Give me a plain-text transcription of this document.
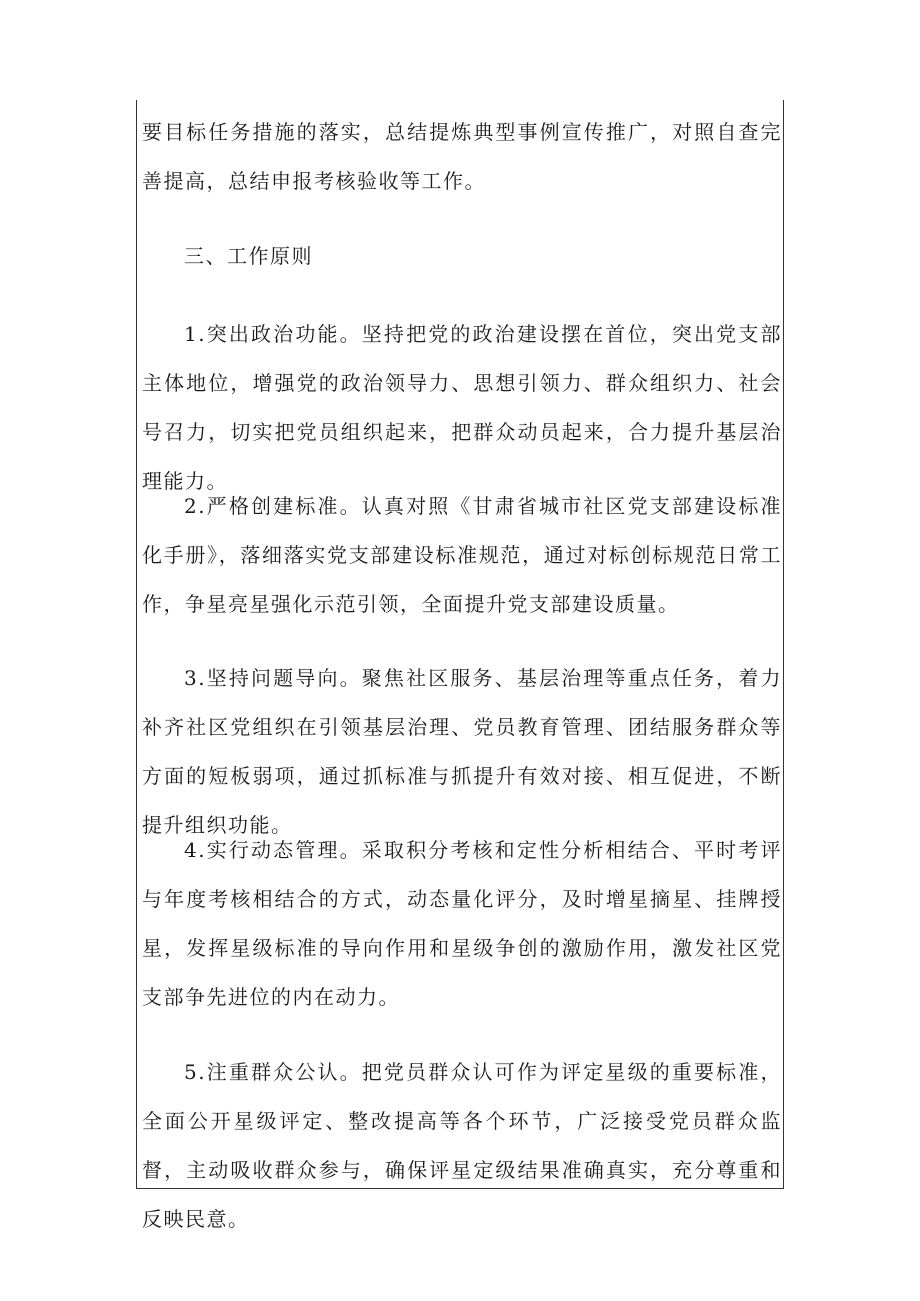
要目标任务措施的落实，总结提炼典型事例宣传推广，对照自查完善提高，总结申报考核验收等工作。

三、工作原则

1.突出政治功能。坚持把党的政治建设摆在首位，突出党支部主体地位，增强党的政治领导力、思想引领力、群众组织力、社会号召力，切实把党员组织起来，把群众动员起来，合力提升基层治理能力。

2.严格创建标准。认真对照《甘肃省城市社区党支部建设标准化手册》，落细落实党支部建设标准规范，通过对标创标规范日常工作，争星亮星强化示范引领，全面提升党支部建设质量。

3.坚持问题导向。聚焦社区服务、基层治理等重点任务，着力补齐社区党组织在引领基层治理、党员教育管理、团结服务群众等方面的短板弱项，通过抓标准与抓提升有效对接、相互促进，不断提升组织功能。

4.实行动态管理。采取积分考核和定性分析相结合、平时考评与年度考核相结合的方式，动态量化评分，及时增星摘星、挂牌授星，发挥星级标准的导向作用和星级争创的激励作用，激发社区党支部争先进位的内在动力。

5.注重群众公认。把党员群众认可作为评定星级的重要标准，全面公开星级评定、整改提高等各个环节，广泛接受党员群众监督，主动吸收群众参与，确保评星定级结果准确真实，充分尊重和反映民意。
